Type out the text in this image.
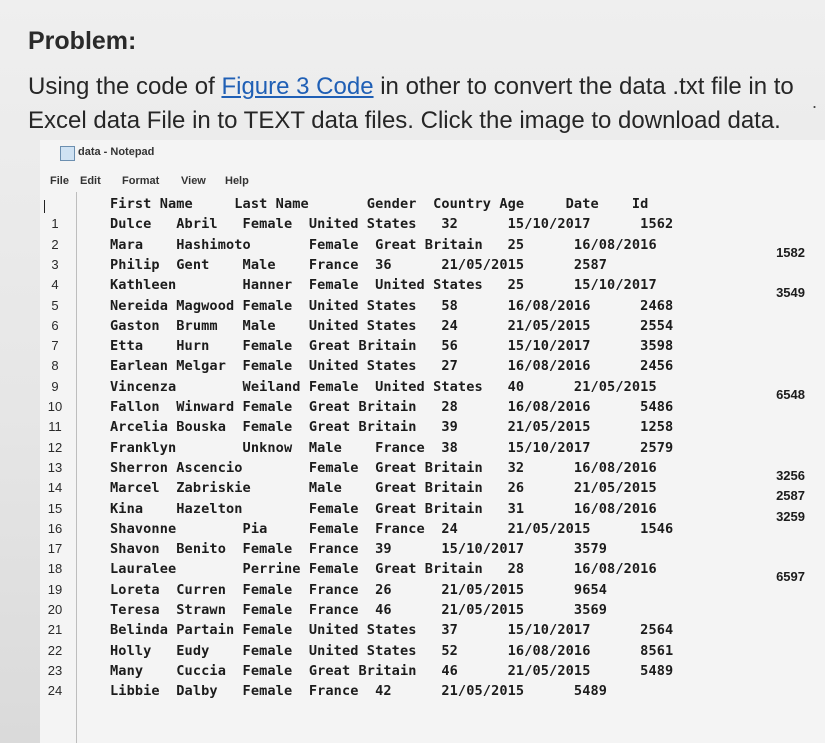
Problem:
Using the code of Figure 3 Code in other to convert the data .txt file in to Excel data File in to TEXT data files. Click the image to download data.
.
data - Notepad
File Edit Format View Help
First Name     Last Name       Gender  Country Age     Date    Id
1	Dulce   Abril   Female  United States   32      15/10/2017      1562
2	Mara    Hashimoto       Female  Great Britain   25      16/08/2016	1582
3	Philip  Gent    Male    France  36      21/05/2015      2587
4	Kathleen        Hanner  Female  United States   25      15/10/2017	3549
5	Nereida Magwood Female  United States   58      16/08/2016      2468
6	Gaston  Brumm   Male    United States   24      21/05/2015      2554
7	Etta    Hurn    Female  Great Britain   56      15/10/2017      3598
8	Earlean Melgar  Female  United States   27      16/08/2016      2456
9	Vincenza        Weiland Female  United States   40      21/05/2015	6548
10	Fallon  Winward Female  Great Britain   28      16/08/2016      5486
11	Arcelia Bouska  Female  Great Britain   39      21/05/2015      1258
12	Franklyn        Unknow  Male    France  38      15/10/2017      2579
13	Sherron Ascencio        Female  Great Britain   32      16/08/2016	3256
14	Marcel  Zabriskie       Male    Great Britain   26      21/05/2015	2587
15	Kina    Hazelton        Female  Great Britain   31      16/08/2016	3259
16	Shavonne        Pia     Female  France  24      21/05/2015      1546
17	Shavon  Benito  Female  France  39      15/10/2017      3579
18	Lauralee        Perrine Female  Great Britain   28      16/08/2016	6597
19	Loreta  Curren  Female  France  26      21/05/2015      9654
20	Teresa  Strawn  Female  France  46      21/05/2015      3569
21	Belinda Partain Female  United States   37      15/10/2017      2564
22	Holly   Eudy    Female  United States   52      16/08/2016      8561
23	Many    Cuccia  Female  Great Britain   46      21/05/2015      5489
24	Libbie  Dalby   Female  France  42      21/05/2015      5489
